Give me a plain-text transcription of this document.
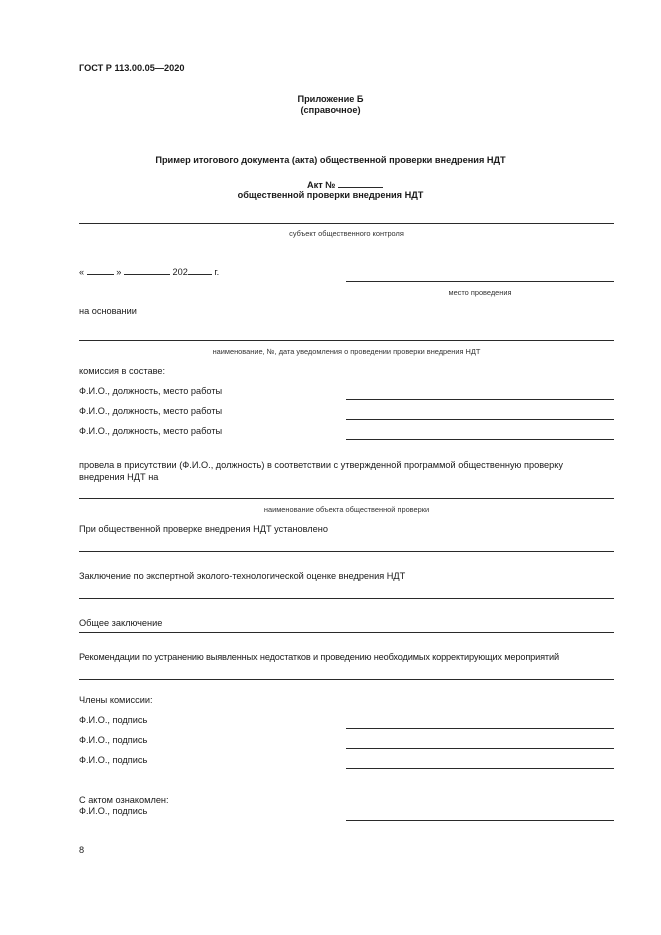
ГОСТ Р 113.00.05—2020
Приложение Б
(справочное)
Пример итогового документа (акта) общественной проверки внедрения НДТ
Акт №
общественной проверки внедрения НДТ
субъект общественного контроля
«	»	202	г.
место проведения
на основании
наименование, №, дата уведомления о проведении проверки внедрения НДТ
комиссия в составе:
Ф.И.О., должность, место работы
Ф.И.О., должность, место работы
Ф.И.О., должность, место работы
провела в присутствии (Ф.И.О., должность) в соответствии с утвержденной программой общественную проверку
внедрения НДТ на
наименование объекта общественной проверки
При общественной проверке внедрения НДТ установлено
Заключение по экспертной эколого-технологической оценке внедрения НДТ
Общее заключение
Рекомендации по устранению выявленных недостатков и проведению необходимых корректирующих мероприятий
Члены комиссии:
Ф.И.О., подпись
Ф.И.О., подпись
Ф.И.О., подпись
С актом ознакомлен:
Ф.И.О., подпись
8
